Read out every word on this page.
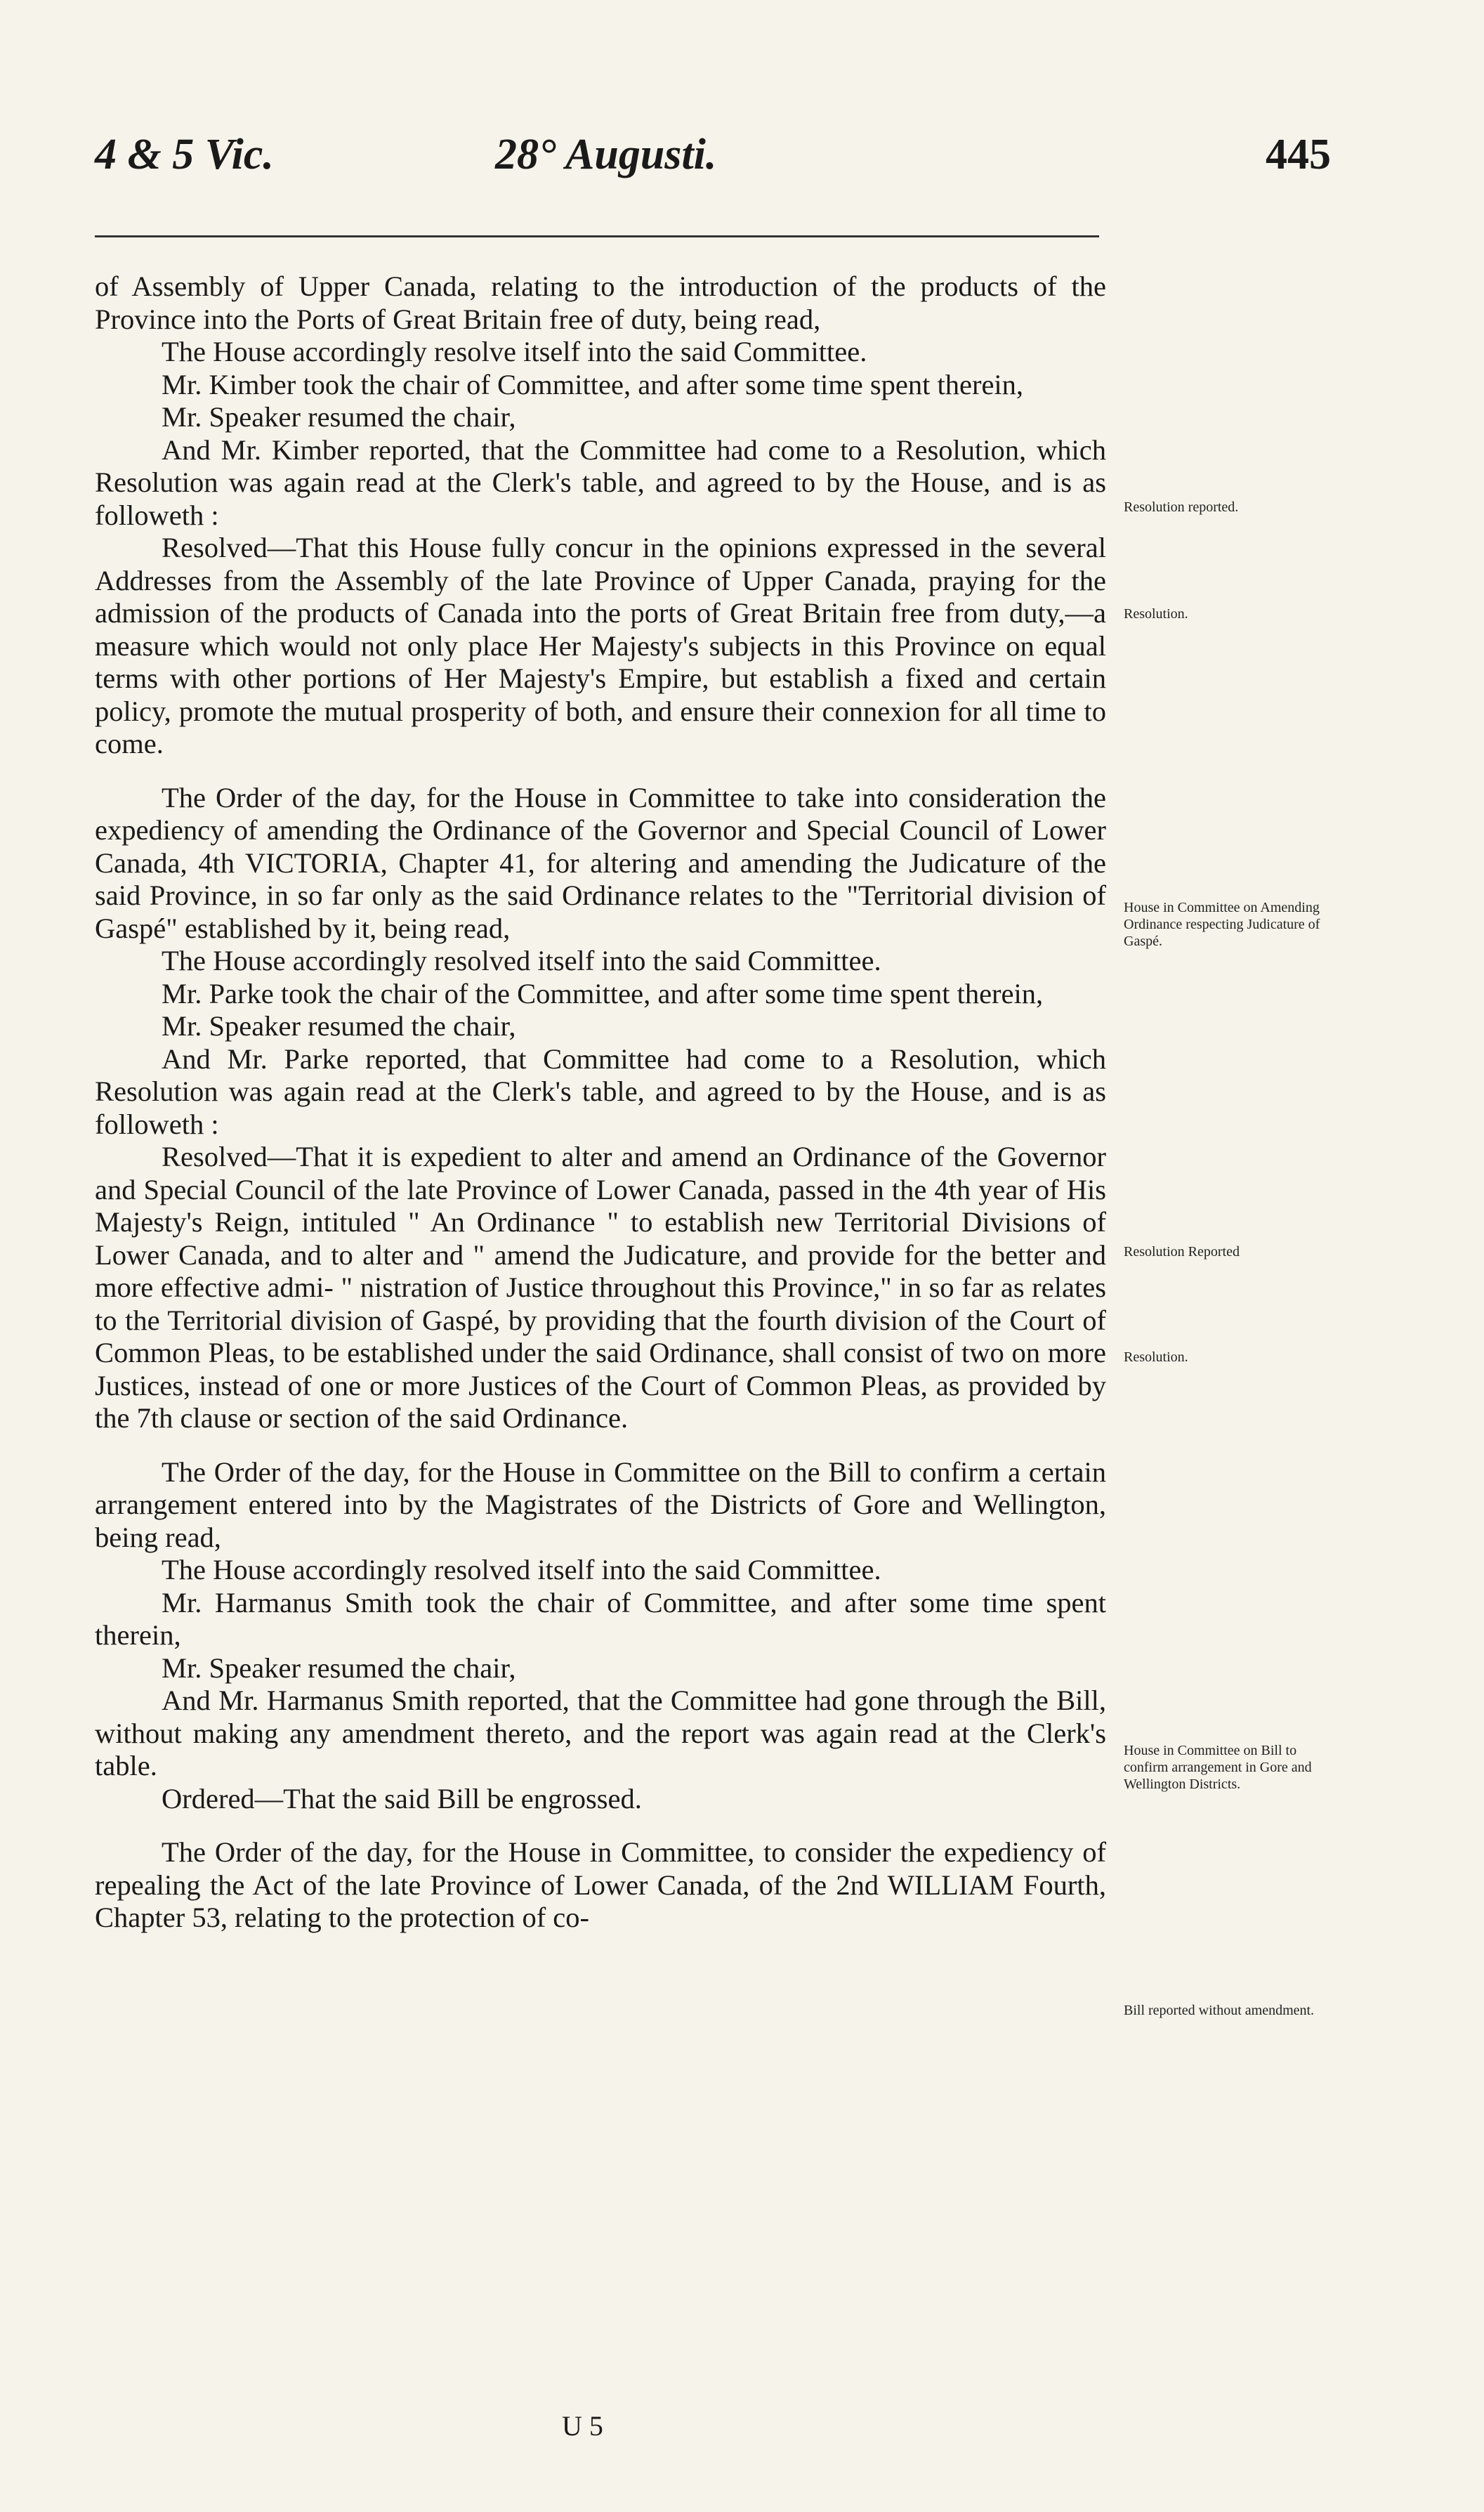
4 & 5 Vic.	28° Augusti.	445

of Assembly of Upper Canada, relating to the introduction of the products of the Province into the Ports of Great Britain free of duty, being read,

The House accordingly resolve itself into the said Committee.

Mr. Kimber took the chair of Committee, and after some time spent therein,

Mr. Speaker resumed the chair,

And Mr. Kimber reported, that the Committee had come to a Resolution, which Resolution was again read at the Clerk's table, and agreed to by the House, and is as followeth :

Resolved—That this House fully concur in the opinions expressed in the several Addresses from the Assembly of the late Province of Upper Canada, praying for the admission of the products of Canada into the ports of Great Britain free from duty,—a measure which would not only place Her Majesty's subjects in this Province on equal terms with other portions of Her Majesty's Empire, but establish a fixed and certain policy, promote the mutual prosperity of both, and ensure their connexion for all time to come.

The Order of the day, for the House in Committee to take into consideration the expediency of amending the Ordinance of the Governor and Special Council of Lower Canada, 4th VICTORIA, Chapter 41, for altering and amending the Judicature of the said Province, in so far only as the said Ordinance relates to the "Territorial division of Gaspé" established by it, being read,

The House accordingly resolved itself into the said Committee.

Mr. Parke took the chair of the Committee, and after some time spent therein,

Mr. Speaker resumed the chair,

And Mr. Parke reported, that Committee had come to a Resolution, which Resolution was again read at the Clerk's table, and agreed to by the House, and is as followeth :

Resolved—That it is expedient to alter and amend an Ordinance of the Governor and Special Council of the late Province of Lower Canada, passed in the 4th year of His Majesty's Reign, intituled " An Ordinance " to establish new Territorial Divisions of Lower Canada, and to alter and " amend the Judicature, and provide for the better and more effective admi- " nistration of Justice throughout this Province," in so far as relates to the Territorial division of Gaspé, by providing that the fourth division of the Court of Common Pleas, to be established under the said Ordinance, shall consist of two on more Justices, instead of one or more Justices of the Court of Common Pleas, as provided by the 7th clause or section of the said Ordinance.

The Order of the day, for the House in Committee on the Bill to confirm a certain arrangement entered into by the Magistrates of the Districts of Gore and Wellington, being read,

The House accordingly resolved itself into the said Committee.

Mr. Harmanus Smith took the chair of Committee, and after some time spent therein,

Mr. Speaker resumed the chair,

And Mr. Harmanus Smith reported, that the Committee had gone through the Bill, without making any amendment thereto, and the report was again read at the Clerk's table.

Ordered—That the said Bill be engrossed.

The Order of the day, for the House in Committee, to consider the expediency of repealing the Act of the late Province of Lower Canada, of the 2nd WILLIAM Fourth, Chapter 53, relating to the protection of co-

Resolution reported.
Resolution.
House in Committee on Amending Ordinance respecting Judicature of Gaspé.
Resolution Reported
Resolution.
House in Committee on Bill to confirm arrangement in Gore and Wellington Districts.
Bill reported without amendment.
U 5
